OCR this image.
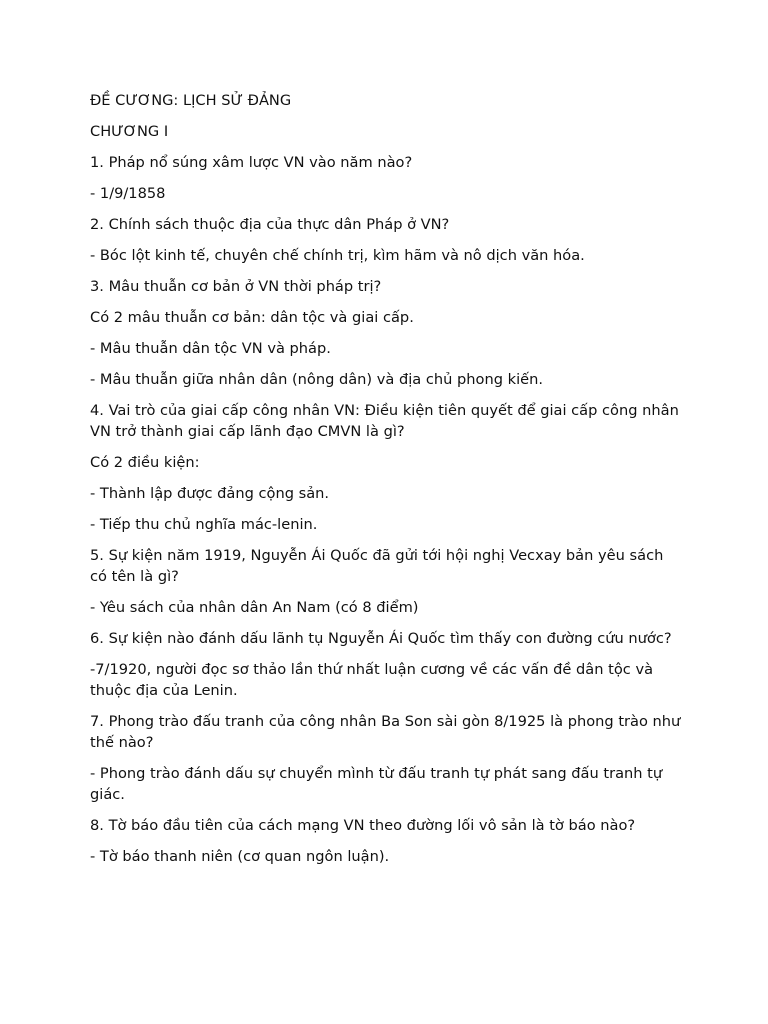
ĐỀ CƯƠNG: LỊCH SỬ ĐẢNG

CHƯƠNG I

1. Pháp nổ súng xâm lược VN vào năm nào?

- 1/9/1858

2. Chính sách thuộc địa của thực dân Pháp ở VN?

- Bóc lột kinh tế, chuyên chế chính trị, kìm hãm và nô dịch văn hóa.

3. Mâu thuẫn cơ bản ở VN thời pháp trị?

Có 2 mâu thuẫn cơ bản: dân tộc và giai cấp.

- Mâu thuẫn dân tộc VN và pháp.

- Mâu thuẫn giữa nhân dân (nông dân) và địa chủ phong kiến.

4. Vai trò của giai cấp công nhân VN: Điều kiện tiên quyết để giai cấp công nhân VN trở thành giai cấp lãnh đạo CMVN là gì?

Có 2 điều kiện:

- Thành lập được đảng cộng sản.

- Tiếp thu chủ nghĩa mác-lenin.

5. Sự kiện năm 1919, Nguyễn Ái Quốc đã gửi tới hội nghị Vecxay bản yêu sách có tên là gì?

- Yêu sách của nhân dân An Nam (có 8 điểm)

6. Sự kiện nào đánh dấu lãnh tụ Nguyễn Ái Quốc tìm thấy con đường cứu nước?

-7/1920, người đọc sơ thảo lần thứ nhất luận cương về các vấn đề dân tộc và thuộc địa của Lenin.

7. Phong trào đấu tranh của công nhân Ba Son sài gòn 8/1925 là phong trào như thế nào?

- Phong trào đánh dấu sự chuyển mình từ đấu tranh tự phát sang đấu tranh tự giác.

8. Tờ báo đầu tiên của cách mạng VN theo đường lối vô sản là tờ báo nào?

- Tờ báo thanh niên (cơ quan ngôn luận).
